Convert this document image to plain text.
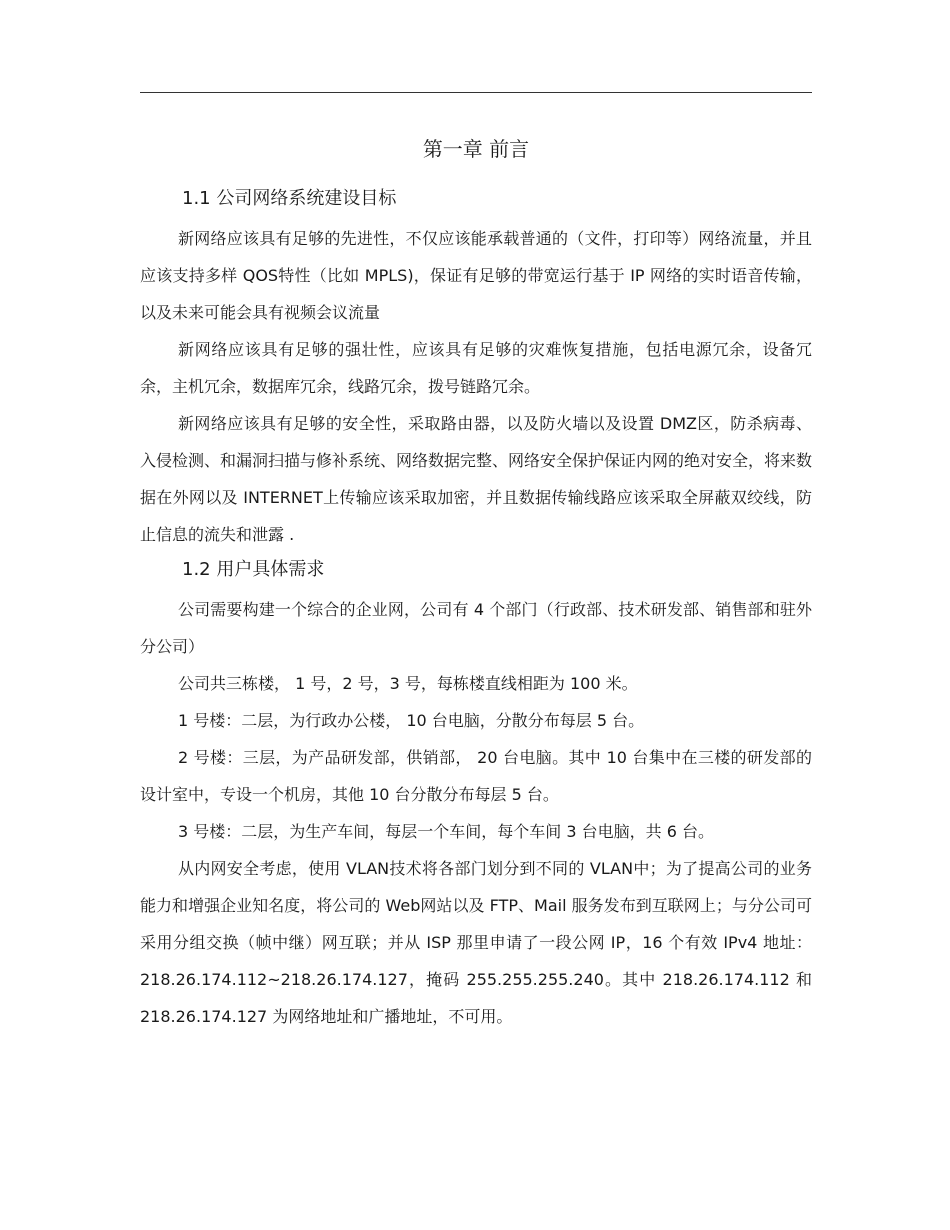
第一章 前言
1.1 公司网络系统建设目标

新网络应该具有足够的先进性，不仅应该能承载普通的（文件，打印等）网络流量，并且应该支持多样 QOS特性（比如 MPLS)，保证有足够的带宽运行基于 IP 网络的实时语音传输，以及未来可能会具有视频会议流量

新网络应该具有足够的强壮性，应该具有足够的灾难恢复措施，包括电源冗余，设备冗余，主机冗余，数据库冗余，线路冗余，拨号链路冗余。

新网络应该具有足够的安全性，采取路由器，以及防火墙以及设置 DMZ区，防杀病毒、入侵检测、和漏洞扫描与修补系统、网络数据完整、网络安全保护保证内网的绝对安全，将来数据在外网以及 INTERNET上传输应该采取加密，并且数据传输线路应该采取全屏蔽双绞线，防止信息的流失和泄露 .

1.2 用户具体需求

公司需要构建一个综合的企业网，公司有 4 个部门（行政部、技术研发部、销售部和驻外分公司）

公司共三栋楼， 1 号，2 号，3 号，每栋楼直线相距为 100 米。

1 号楼：二层，为行政办公楼， 10 台电脑，分散分布每层 5 台。

2 号楼：三层，为产品研发部，供销部， 20 台电脑。其中 10 台集中在三楼的研发部的设计室中，专设一个机房，其他 10 台分散分布每层 5 台。

3 号楼：二层，为生产车间，每层一个车间，每个车间 3 台电脑，共 6 台。

从内网安全考虑，使用 VLAN技术将各部门划分到不同的 VLAN中；为了提高公司的业务能力和增强企业知名度，将公司的 Web网站以及 FTP、Mail 服务发布到互联网上；与分公司可采用分组交换（帧中继）网互联；并从 ISP 那里申请了一段公网 IP，16 个有效 IPv4 地址：218.26.174.112~218.26.174.127，掩码 255.255.255.240。其中 218.26.174.112 和 218.26.174.127 为网络地址和广播地址，不可用。
